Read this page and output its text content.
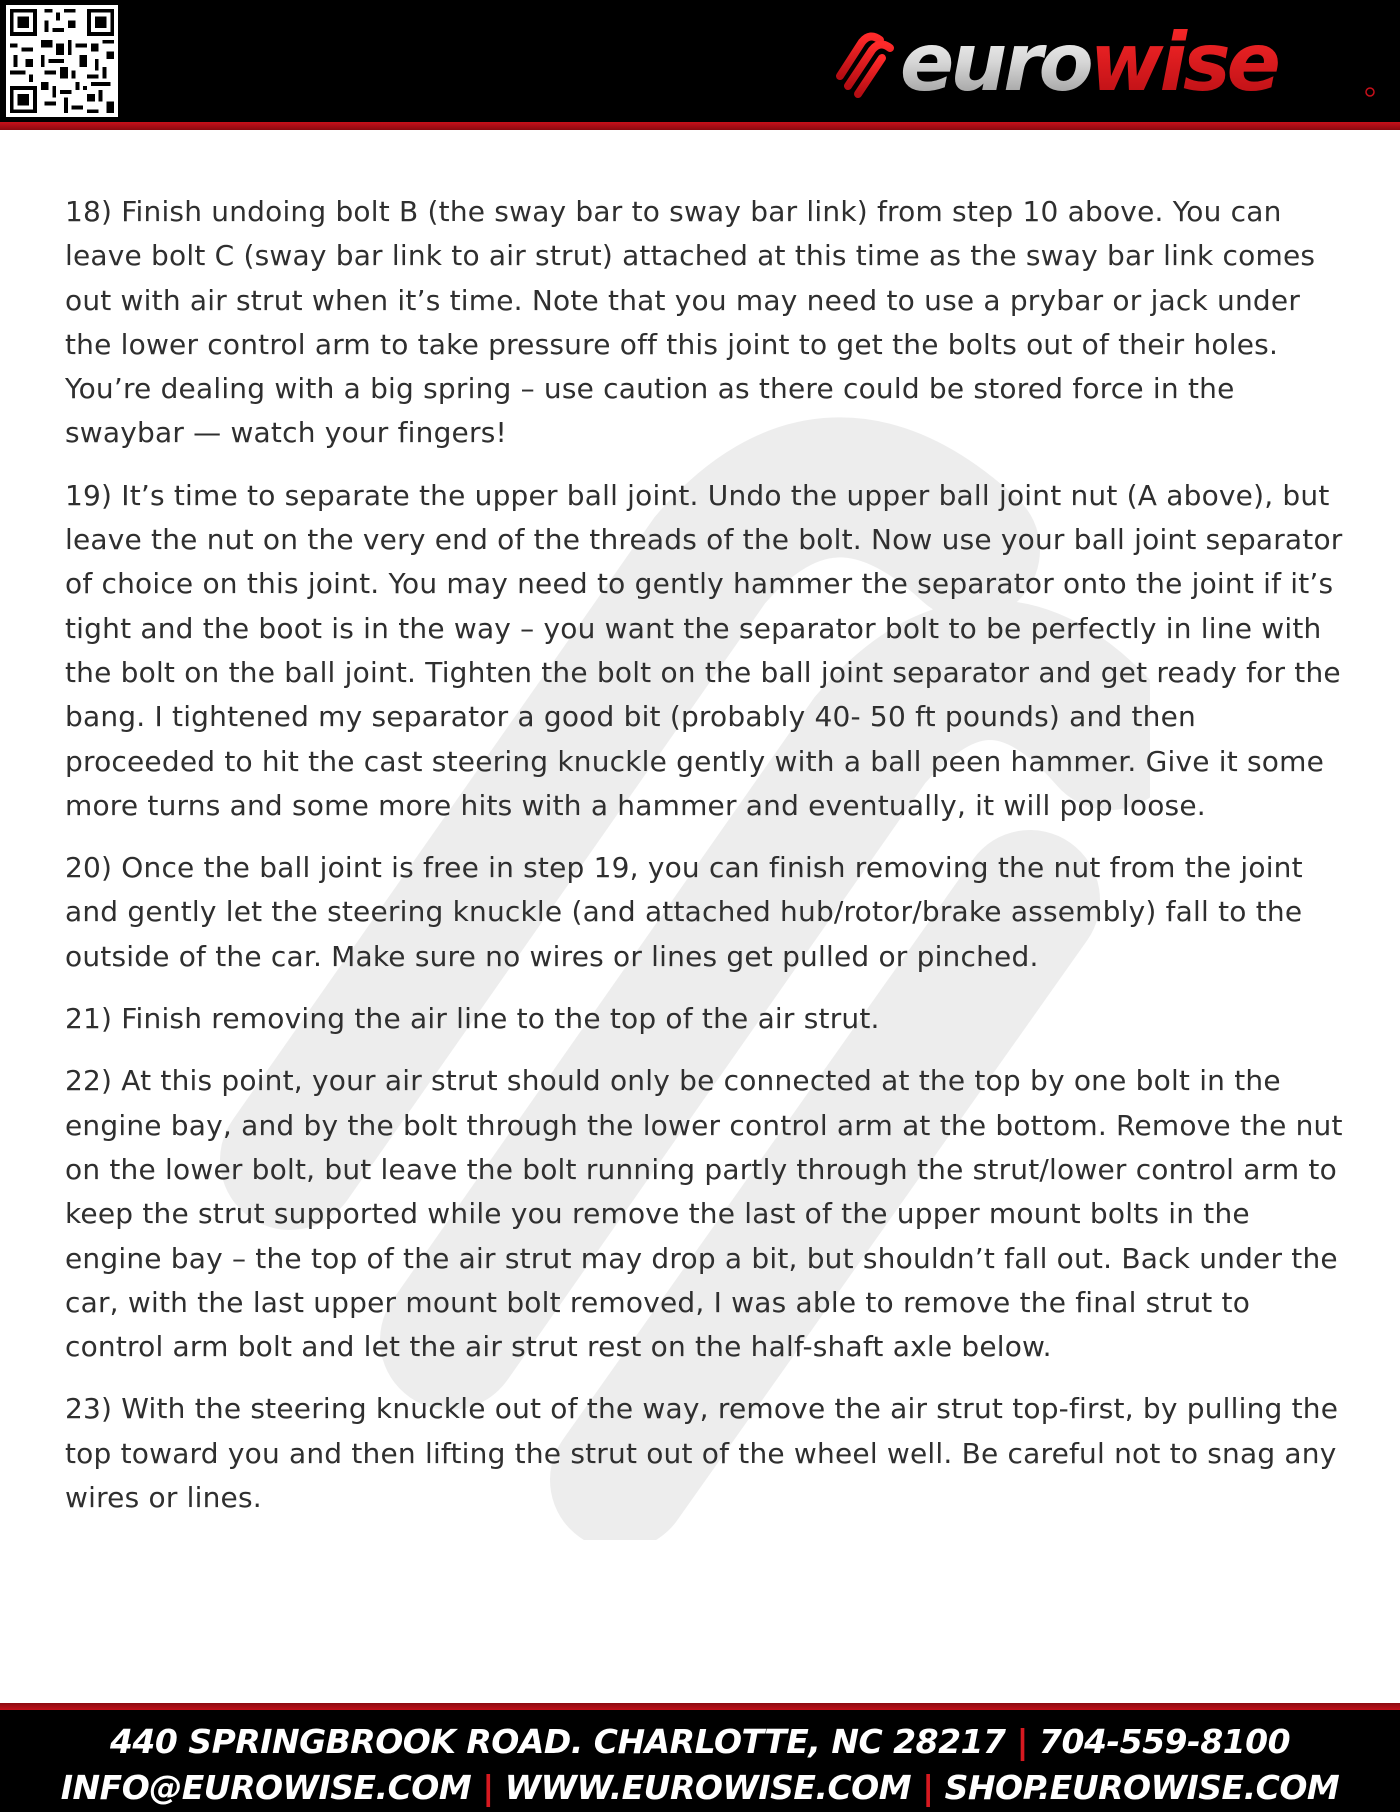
eurowise

18) Finish undoing bolt B (the sway bar to sway bar link) from step 10 above. You can leave bolt C (sway bar link to air strut) attached at this time as the sway bar link comes out with air strut when it’s time. Note that you may need to use a prybar or jack under the lower control arm to take pressure off this joint to get the bolts out of their holes. You’re dealing with a big spring – use caution as there could be stored force in the swaybar — watch your fingers!

19) It’s time to separate the upper ball joint. Undo the upper ball joint nut (A above), but leave the nut on the very end of the threads of the bolt. Now use your ball joint separator of choice on this joint. You may need to gently hammer the separator onto the joint if it’s tight and the boot is in the way – you want the separator bolt to be perfectly in line with the bolt on the ball joint. Tighten the bolt on the ball joint separator and get ready for the bang. I tightened my separator a good bit (probably 40- 50 ft pounds) and then proceeded to hit the cast steering knuckle gently with a ball peen hammer. Give it some more turns and some more hits with a hammer and eventually, it will pop loose.

20) Once the ball joint is free in step 19, you can finish removing the nut from the joint and gently let the steering knuckle (and attached hub/rotor/brake assembly) fall to the outside of the car. Make sure no wires or lines get pulled or pinched.

21) Finish removing the air line to the top of the air strut.

22) At this point, your air strut should only be connected at the top by one bolt in the engine bay, and by the bolt through the lower control arm at the bottom. Remove the nut on the lower bolt, but leave the bolt running partly through the strut/lower control arm to keep the strut supported while you remove the last of the upper mount bolts in the engine bay – the top of the air strut may drop a bit, but shouldn’t fall out. Back under the car, with the last upper mount bolt removed, I was able to remove the final strut to control arm bolt and let the air strut rest on the half-shaft axle below.

23) With the steering knuckle out of the way, remove the air strut top-first, by pulling the top toward you and then lifting the strut out of the wheel well. Be careful not to snag any wires or lines.

440 SPRINGBROOK ROAD. CHARLOTTE, NC 28217 | 704-559-8100
INFO@EUROWISE.COM | WWW.EUROWISE.COM | SHOP.EUROWISE.COM
